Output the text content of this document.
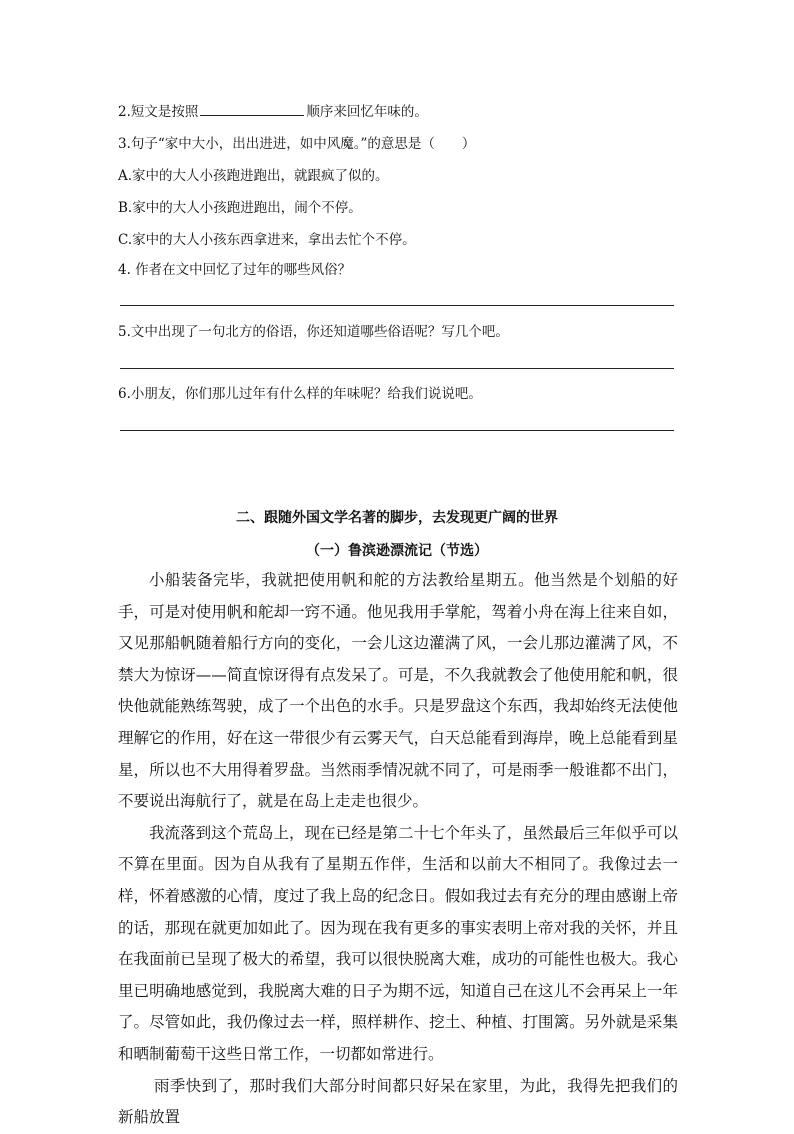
2.短文是按照	顺序来回忆年味的。
3.句子“家中大小，出出进进，如中风魔。”的意思是（　　）
A.家中的大人小孩跑进跑出，就跟疯了似的。
B.家中的大人小孩跑进跑出，闹个不停。
C.家中的大人小孩东西拿进来，拿出去忙个不停。
4. 作者在文中回忆了过年的哪些风俗？
5.文中出现了一句北方的俗语，你还知道哪些俗语呢？写几个吧。
6.小朋友，你们那儿过年有什么样的年味呢？给我们说说吧。
二、跟随外国文学名著的脚步，去发现更广阔的世界
（一）鲁滨逊漂流记（节选）

小船装备完毕，我就把使用帆和舵的方法教给星期五。他当然是个划船的好手，可是对使用帆和舵却一窍不通。他见我用手掌舵，驾着小舟在海上往来自如，又见那船帆随着船行方向的变化，一会儿这边灌满了风，一会儿那边灌满了风，不禁大为惊讶——简直惊讶得有点发呆了。可是，不久我就教会了他使用舵和帆，很快他就能熟练驾驶，成了一个出色的水手。只是罗盘这个东西，我却始终无法使他理解它的作用，好在这一带很少有云雾天气，白天总能看到海岸，晚上总能看到星星，所以也不大用得着罗盘。当然雨季情况就不同了，可是雨季一般谁都不出门，不要说出海航行了，就是在岛上走走也很少。

我流落到这个荒岛上，现在已经是第二十七个年头了，虽然最后三年似乎可以不算在里面。因为自从我有了星期五作伴，生活和以前大不相同了。我像过去一样，怀着感激的心情，度过了我上岛的纪念日。假如我过去有充分的理由感谢上帝的话，那现在就更加如此了。因为现在我有更多的事实表明上帝对我的关怀，并且在我面前已呈现了极大的希望，我可以很快脱离大难，成功的可能性也极大。我心里已明确地感觉到，我脱离大难的日子为期不远，知道自己在这儿不会再呆上一年了。尽管如此，我仍像过去一样，照样耕作、挖土、种植、打围篱。另外就是采集和晒制葡萄干这些日常工作，一切都如常进行。

雨季快到了，那时我们大部分时间都只好呆在家里，为此，我得先把我们的新船放置
